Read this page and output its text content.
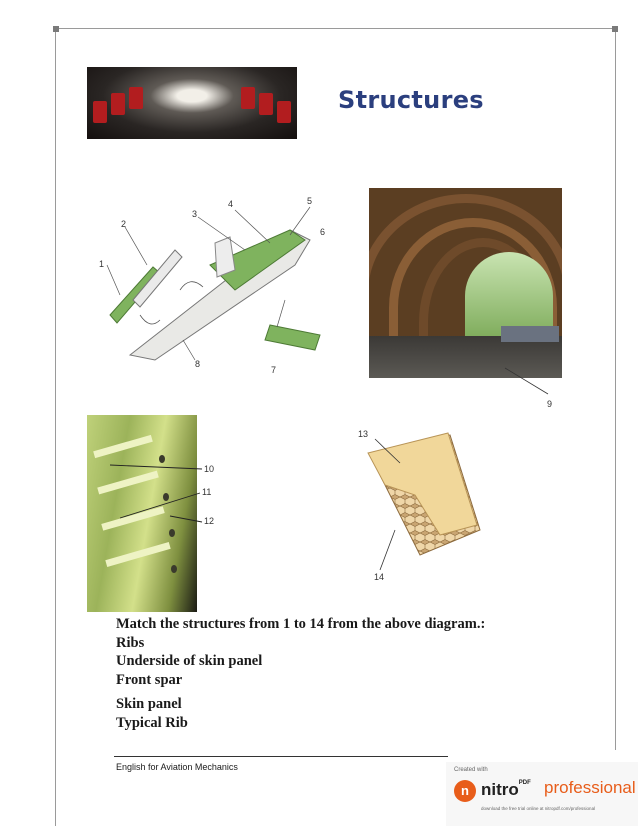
Structures
1
2
3
4	5
6
7
8
9
10
11
12
13
14
Match the structures from 1 to 14 from the above diagram.:
Ribs
Underside of skin panel
Front spar
Skin panel
Typical Rib
English for Aviation Mechanics	Created with
n nitro$^{PDF}$ professional
download the free trial online at nitropdf.com/professional
